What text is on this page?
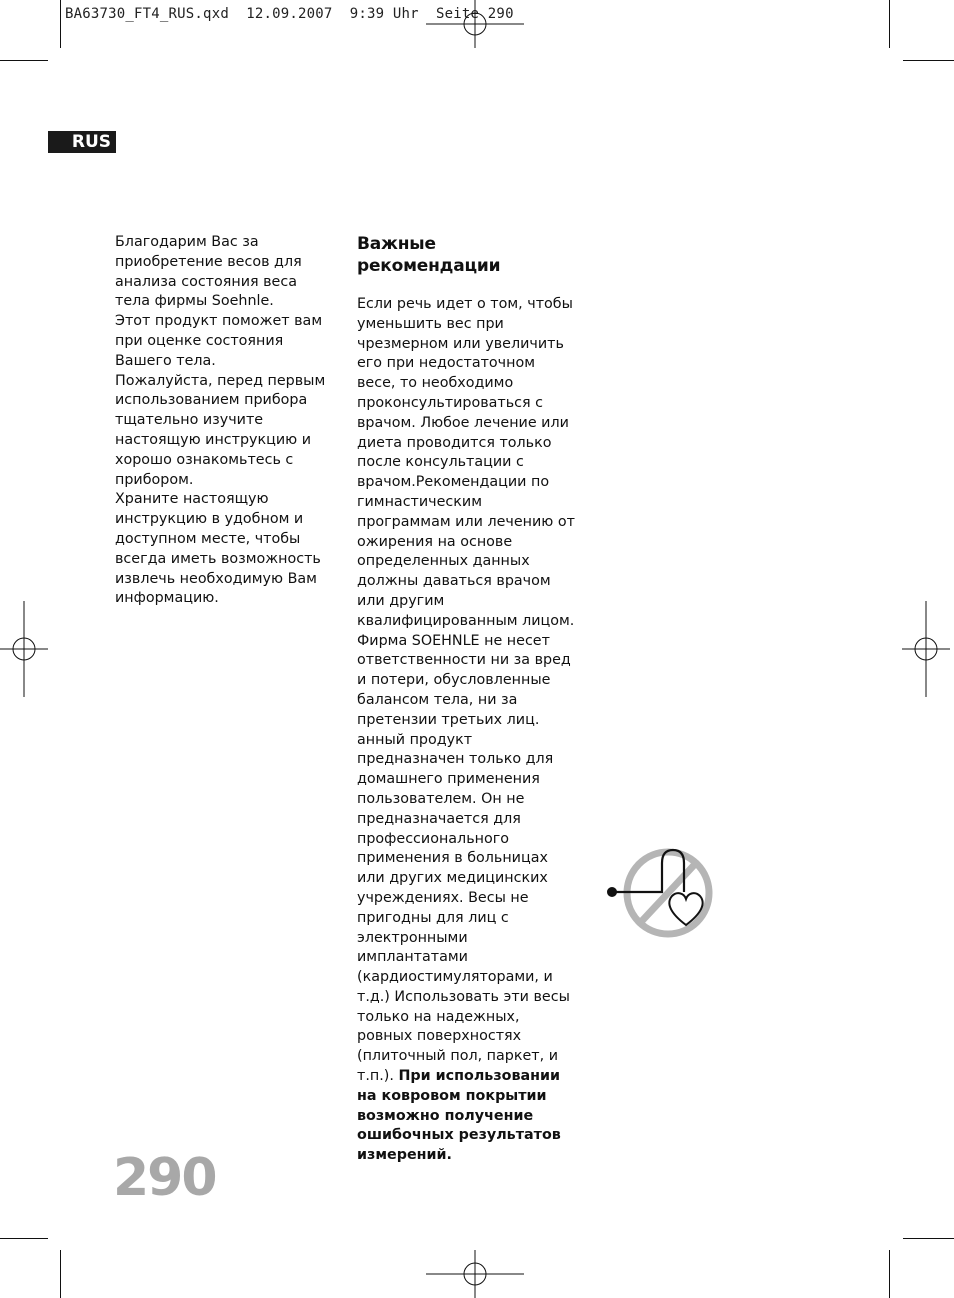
BA63730_FT4_RUS.qxd  12.09.2007  9:39 Uhr  Seite 290
RUS

Благодарим Вас за приобретение весов для анализа состояния веса тела фирмы Soehnle.

Этот продукт поможет вам при оценке состояния Вашего тела.

Пожалуйста, перед первым использованием прибора тщательно изучите настоящую инструкцию и хорошо ознакомьтесь с прибором.

Храните настоящую инструкцию в удобном и доступном месте, чтобы всегда иметь возможность извлечь необходимую Вам информацию.

Важные рекомендации

Если речь идет о том, чтобы уменьшить вес при чрезмерном или увеличить его при недостаточном весе, то необходимо проконсультироваться с врачом. Любое лечение или диета проводится только после консультации с врачом.Рекомендации по гимнастическим программам или лечению от ожирения на основе определенных данных должны даваться врачом или другим квалифицированным лицом. Фирма SOEHNLE не несет ответственности ни за вред и потери, обусловленные балансом тела, ни за претензии третьих лиц. анный продукт предназначен только для домашнего применения пользователем. Он не предназначается для профессионального применения в больницах или других медицинских учреждениях. Весы не пригодны для лиц с электронными имплантатами (кардиостимуляторами, и т.д.) Использовать эти весы только на надежных, ровных поверхностях (плиточный пол, паркет, и т.п.). При использовании на ковровом покрытии возможно получение ошибочных результатов измерений.

290
